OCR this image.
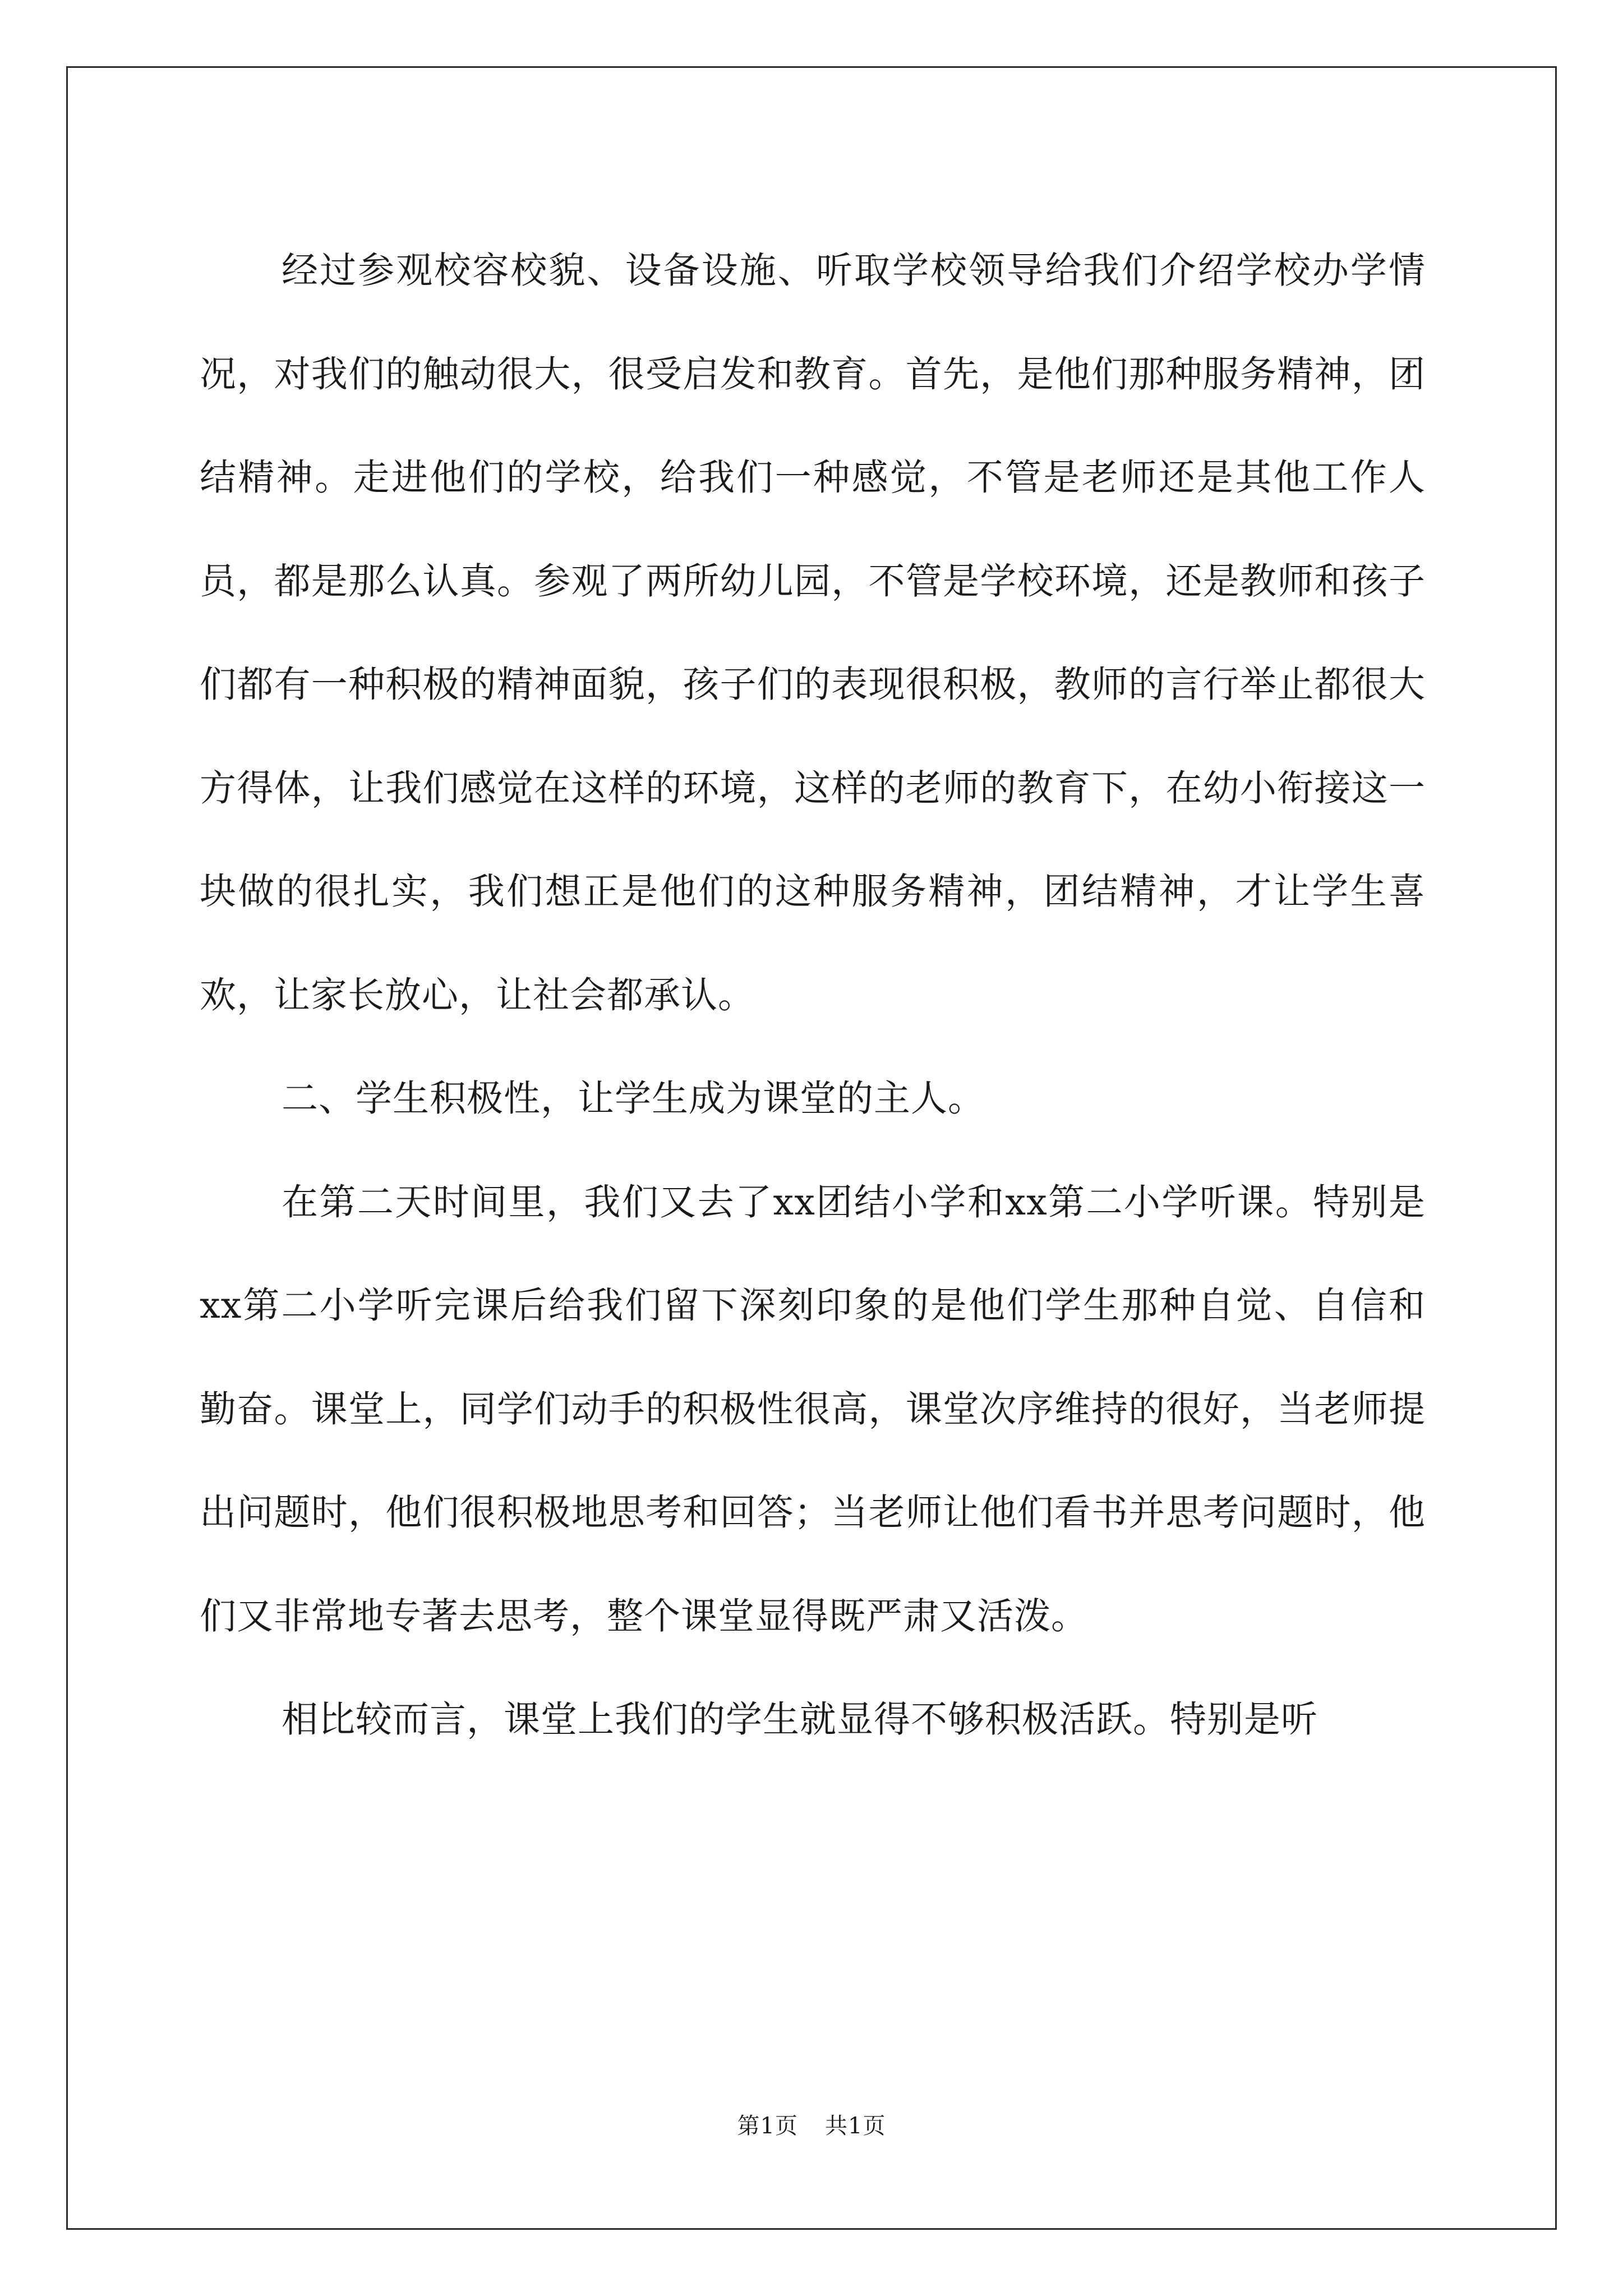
经过参观校容校貌、设备设施、听取学校领导给我们介绍学校办学情况，对我们的触动很大，很受启发和教育。首先，是他们那种服务精神，团结精神。走进他们的学校，给我们一种感觉，不管是老师还是其他工作人员，都是那么认真。参观了两所幼儿园，不管是学校环境，还是教师和孩子们都有一种积极的精神面貌，孩子们的表现很积极，教师的言行举止都很大方得体，让我们感觉在这样的环境，这样的老师的教育下，在幼小衔接这一块做的很扎实，我们想正是他们的这种服务精神，团结精神，才让学生喜欢，让家长放心，让社会都承认。

二、学生积极性，让学生成为课堂的主人。

在第二天时间里，我们又去了xx团结小学和xx第二小学听课。特别是xx第二小学听完课后给我们留下深刻印象的是他们学生那种自觉、自信和勤奋。课堂上，同学们动手的积极性很高，课堂次序维持的很好，当老师提出问题时，他们很积极地思考和回答；当老师让他们看书并思考问题时，他们又非常地专著去思考，整个课堂显得既严肃又活泼。

相比较而言，课堂上我们的学生就显得不够积极活跃。特别是听

第1页 共1页
